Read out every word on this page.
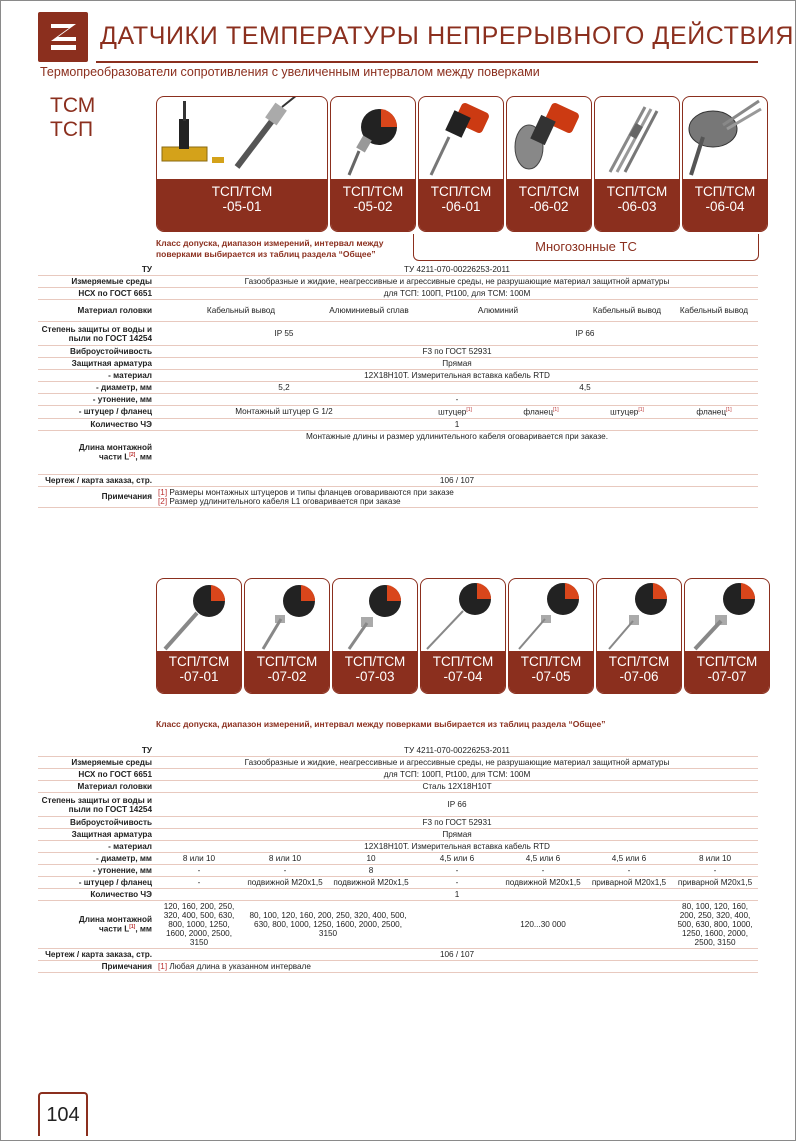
ДАТЧИКИ ТЕМПЕРАТУРЫ НЕПРЕРЫВНОГО ДЕЙСТВИЯ
Термопреобразователи сопротивления с увеличенным интервалом между поверками
ТСМ
ТСП
ТСП/ТСМ
-05-01
ТСП/ТСМ
-05-02
ТСП/ТСМ
-06-01
ТСП/ТСМ
-06-02
ТСП/ТСМ
-06-03
ТСП/ТСМ
-06-04
Класс допуска, диапазон измерений, интервал между поверками выбирается из таблиц раздела “Общее”	Многозонные ТС
ТУ	ТУ 4211-070-00226253-2011					
Измеряемые среды	Газообразные и жидкие, неагрессивные и агрессивные среды, не разрушающие материал защитной арматуры					
НСХ по ГОСТ 6651	для ТСП: 100П, Pt100, для ТСМ: 100М					
Материал головки	Кабельный вывод	Алюминиевый сплав	Алюминий		Кабельный вывод	Кабельный вывод
Степень защиты от воды и пыли по ГОСТ 14254	IP 55		IP 66			
Виброустойчивость	F3 по ГОСТ 52931					
Защитная арматура	Прямая					
- материал	12Х18Н10Т. Измерительная вставка кабель RTD					
- диаметр, мм	5,2		4,5			
- утонение, мм	-					
- штуцер / фланец	Монтажный штуцер G 1/2		штуцер[1]	фланец[1]	штуцер[1]	фланец[1]
Количество ЧЭ	1					
Длина монтажной
части L[2], мм	Монтажные длины и размер удлинительного кабеля оговаривается при заказе.					
Чертеж / карта заказа, стр.	106 / 107					
Примечания	[1] Размеры монтажных штуцеров и типы фланцев оговариваются при заказе
[2] Размер удлинительного кабеля L1 оговаривается при заказе					
ТСП/ТСМ
-07-01
ТСП/ТСМ
-07-02
ТСП/ТСМ
-07-03
ТСП/ТСМ
-07-04
ТСП/ТСМ
-07-05
ТСП/ТСМ
-07-06
ТСП/ТСМ
-07-07
Класс допуска, диапазон измерений, интервал между поверками выбирается из таблиц раздела “Общее”
ТУ	ТУ 4211-070-00226253-2011						
Измеряемые среды	Газообразные и жидкие, неагрессивные и агрессивные среды, не разрушающие материал защитной арматуры						
НСХ по ГОСТ 6651	для ТСП: 100П, Pt100, для ТСМ: 100М						
Материал головки	Сталь 12Х18Н10Т						
Степень защиты от воды и пыли по ГОСТ 14254	IP 66						
Виброустойчивость	F3 по ГОСТ 52931						
Защитная арматура	Прямая						
- материал	12Х18Н10Т. Измерительная вставка кабель RTD						
- диаметр, мм	8 или 10	8 или 10	10	4,5 или 6	4,5 или 6	4,5 или 6	8 или 10
- утонение, мм	-	-	8	-	-	-	-
- штуцер / фланец	-	подвижной М20х1,5	подвижной М20х1,5	-	подвижной М20х1,5	приварной М20х1,5	приварной М20х1,5
Количество ЧЭ	1						
Длина монтажной
части L[1], мм	120, 160, 200, 250, 320, 400, 500, 630, 800, 1000, 1250, 1600, 2000, 2500, 3150	80, 100, 120, 160, 200, 250, 320, 400, 500, 630, 800, 1000, 1250, 1600, 2000, 2500, 3150		120...30 000			80, 100, 120, 160, 200, 250, 320, 400, 500, 630, 800, 1000, 1250, 1600, 2000, 2500, 3150
Чертеж / карта заказа, стр.	106 / 107						
Примечания	[1] Любая длина в указанном интервале						
104
